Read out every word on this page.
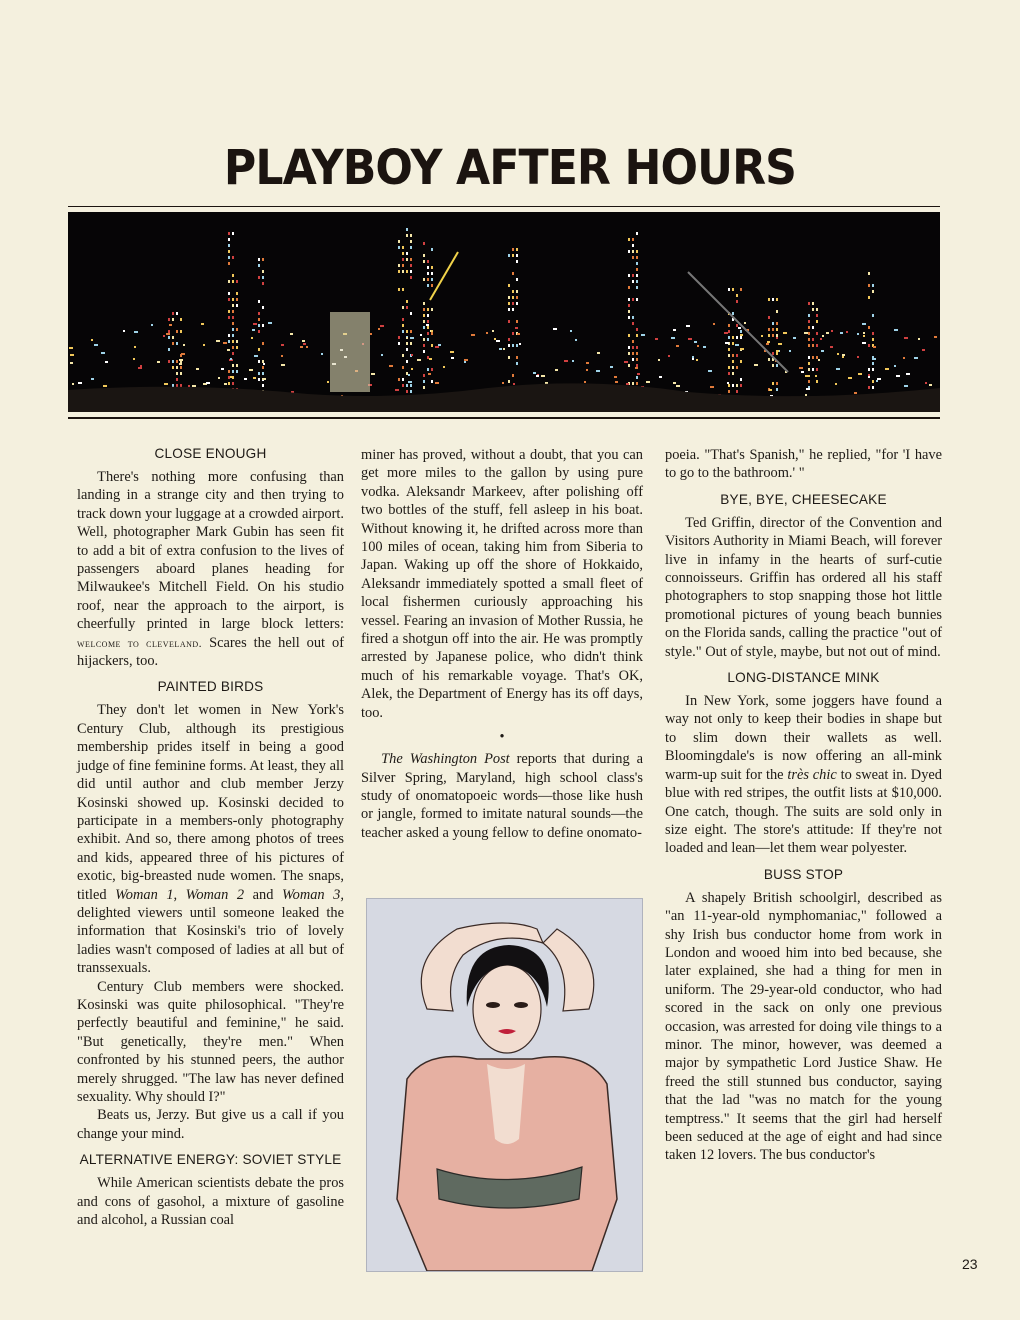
PLAYBOY AFTER HOURS
CLOSE ENOUGH

There's nothing more confusing than landing in a strange city and then trying to track down your luggage at a crowded airport. Well, photographer Mark Gubin has seen fit to add a bit of extra confusion to the lives of passengers aboard planes heading for Milwaukee's Mitchell Field. On his studio roof, near the approach to the airport, is cheerfully printed in large block letters: welcome to cleveland. Scares the hell out of hijackers, too.

PAINTED BIRDS

They don't let women in New York's Century Club, although its prestigious membership prides itself in being a good judge of fine feminine forms. At least, they all did until author and club member Jerzy Kosinski showed up. Kosinski decided to participate in a members-only photography exhibit. And so, there among photos of trees and kids, appeared three of his pictures of exotic, big-breasted nude women. The snaps, titled Woman 1, Woman 2 and Woman 3, delighted viewers until someone leaked the information that Kosinski's trio of lovely ladies wasn't composed of ladies at all but of transsexuals.

Century Club members were shocked. Kosinski was quite philosophical. "They're perfectly beautiful and feminine," he said. "But genetically, they're men." When confronted by his stunned peers, the author merely shrugged. "The law has never defined sexuality. Why should I?"

Beats us, Jerzy. But give us a call if you change your mind.

ALTERNATIVE ENERGY: SOVIET STYLE

While American scientists debate the pros and cons of gasohol, a mixture of gasoline and alcohol, a Russian coal

miner has proved, without a doubt, that you can get more miles to the gallon by using pure vodka. Aleksandr Markeev, after polishing off two bottles of the stuff, fell asleep in his boat. Without knowing it, he drifted across more than 100 miles of ocean, taking him from Siberia to Japan. Waking up off the shore of Hokkaido, Aleksandr immediately spotted a small fleet of local fishermen curiously approaching his vessel. Fearing an invasion of Mother Russia, he fired a shotgun off into the air. He was promptly arrested by Japanese police, who didn't think much of his remarkable voyage. That's OK, Alek, the Department of Energy has its off days, too.

•

The Washington Post reports that during a Silver Spring, Maryland, high school class's study of onomatopoeic words—those like hush or jangle, formed to imitate natural sounds—the teacher asked a young fellow to define onomato-

poeia. "That's Spanish," he replied, "for 'I have to go to the bathroom.' "

BYE, BYE, CHEESECAKE

Ted Griffin, director of the Convention and Visitors Authority in Miami Beach, will forever live in infamy in the hearts of surf-cutie connoisseurs. Griffin has ordered all his staff photographers to stop snapping those hot little promotional pictures of young beach bunnies on the Florida sands, calling the practice "out of style." Out of style, maybe, but not out of mind.

LONG-DISTANCE MINK

In New York, some joggers have found a way not only to keep their bodies in shape but to slim down their wallets as well. Bloomingdale's is now offering an all-mink warm-up suit for the très chic to sweat in. Dyed blue with red stripes, the outfit lists at $10,000. One catch, though. The suits are sold only in size eight. The store's attitude: If they're not loaded and lean—let them wear polyester.

BUSS STOP

A shapely British schoolgirl, described as "an 11-year-old nymphomaniac," followed a shy Irish bus conductor home from work in London and wooed him into bed because, she later explained, she had a thing for men in uniform. The 29-year-old conductor, who had scored in the sack on only one previous occasion, was arrested for doing vile things to a minor. The minor, however, was deemed a major by sympathetic Lord Justice Shaw. He freed the still stunned bus conductor, saying that the lad "was no match for the young temptress." It seems that the girl had herself been seduced at the age of eight and had since taken 12 lovers. The bus conductor's

23
